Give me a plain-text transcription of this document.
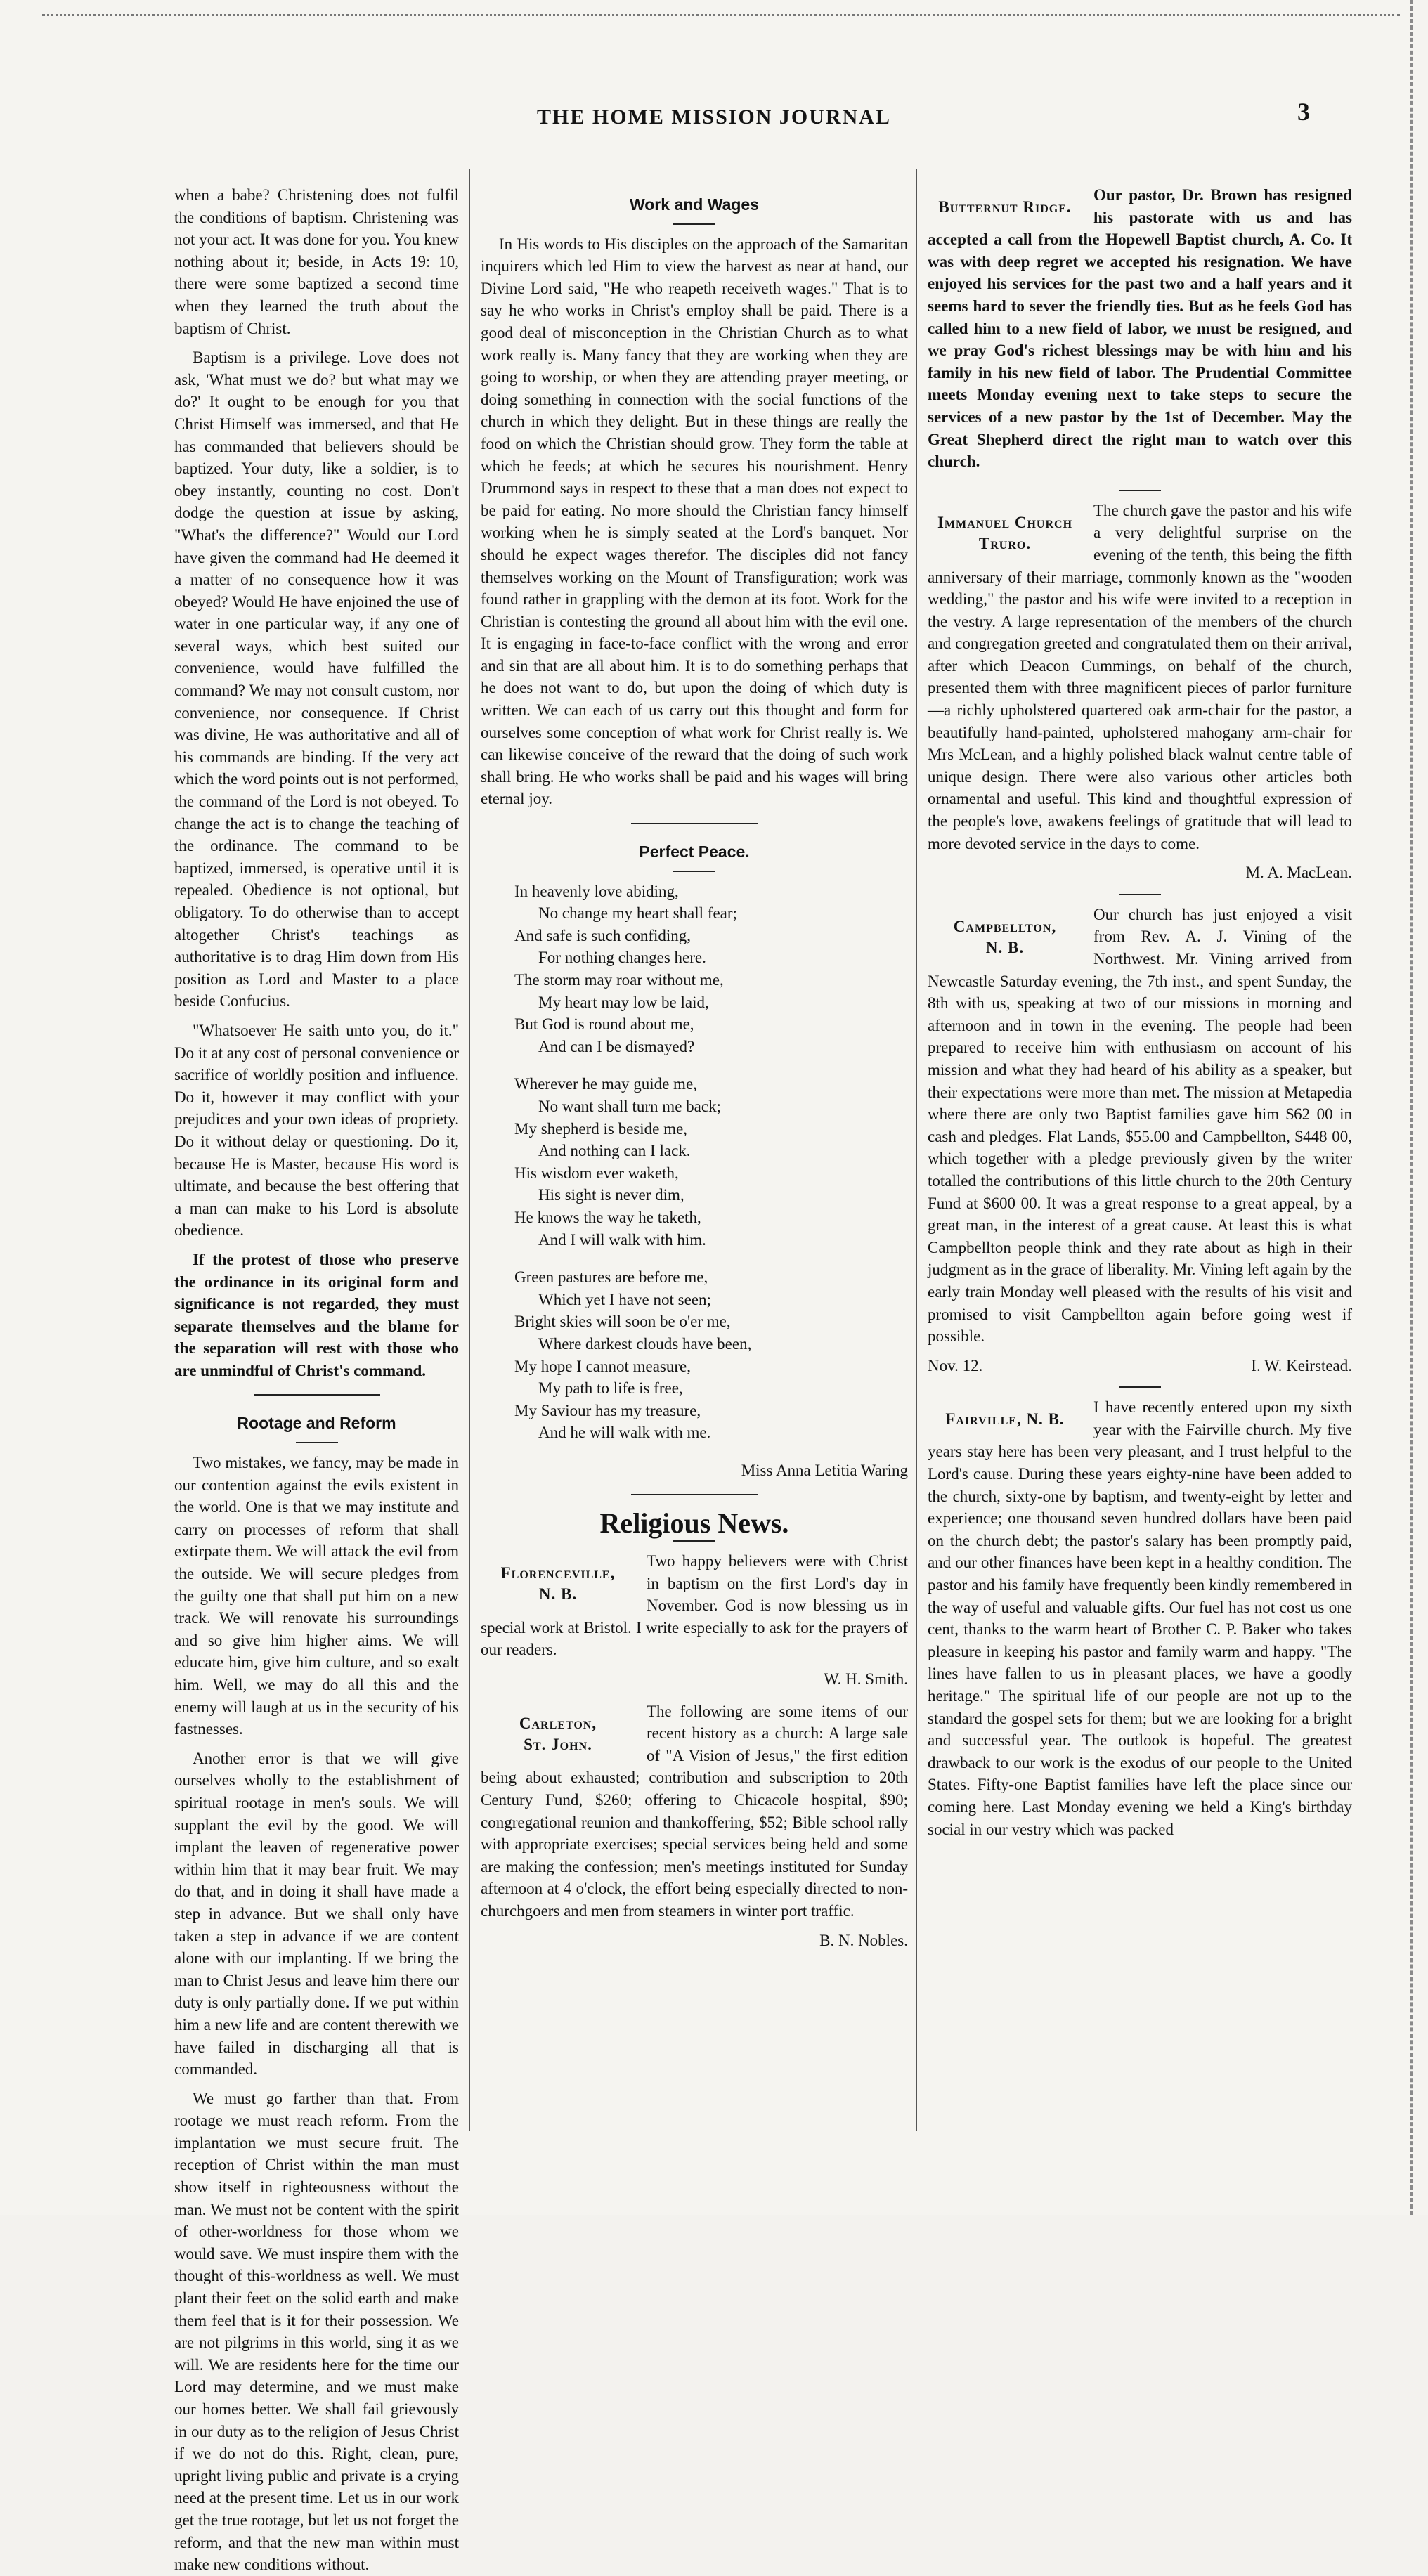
THE HOME MISSION JOURNAL	3

when a babe? Christening does not fulfil the conditions of baptism. Christening was not your act. It was done for you. You knew nothing about it; beside, in Acts 19: 10, there were some baptized a second time when they learned the truth about the baptism of Christ.

Baptism is a privilege. Love does not ask, 'What must we do? but what may we do?' It ought to be enough for you that Christ Himself was immersed, and that He has commanded that believers should be baptized. Your duty, like a soldier, is to obey instantly, counting no cost. Don't dodge the question at issue by asking, "What's the difference?" Would our Lord have given the command had He deemed it a matter of no consequence how it was obeyed? Would He have enjoined the use of water in one particular way, if any one of several ways, which best suited our convenience, would have fulfilled the command? We may not consult custom, nor convenience, nor consequence. If Christ was divine, He was authoritative and all of his commands are binding. If the very act which the word points out is not performed, the command of the Lord is not obeyed. To change the act is to change the teaching of the ordinance. The command to be baptized, immersed, is operative until it is repealed. Obedience is not optional, but obligatory. To do otherwise than to accept altogether Christ's teachings as authoritative is to drag Him down from His position as Lord and Master to a place beside Confucius.

"Whatsoever He saith unto you, do it." Do it at any cost of personal convenience or sacrifice of worldly position and influence. Do it, however it may conflict with your prejudices and your own ideas of propriety. Do it without delay or questioning. Do it, because He is Master, because His word is ultimate, and because the best offering that a man can make to his Lord is absolute obedience.

If the protest of those who preserve the ordinance in its original form and significance is not regarded, they must separate themselves and the blame for the separation will rest with those who are unmindful of Christ's command.

Rootage and Reform

Two mistakes, we fancy, may be made in our contention against the evils existent in the world. One is that we may institute and carry on processes of reform that shall extirpate them. We will attack the evil from the outside. We will secure pledges from the guilty one that shall put him on a new track. We will renovate his surroundings and so give him higher aims. We will educate him, give him culture, and so exalt him. Well, we may do all this and the enemy will laugh at us in the security of his fastnesses.

Another error is that we will give ourselves wholly to the establishment of spiritual rootage in men's souls. We will supplant the evil by the good. We will implant the leaven of regenerative power within him that it may bear fruit. We may do that, and in doing it shall have made a step in advance. But we shall only have taken a step in advance if we are content alone with our implanting. If we bring the man to Christ Jesus and leave him there our duty is only partially done. If we put within him a new life and are content therewith we have failed in discharging all that is commanded.

We must go farther than that. From rootage we must reach reform. From the implantation we must secure fruit. The reception of Christ within the man must show itself in righteousness without the man. We must not be content with the spirit of other-worldness for those whom we would save. We must inspire them with the thought of this-worldness as well. We must plant their feet on the solid earth and make them feel that is it for their possession. We are not pilgrims in this world, sing it as we will. We are residents here for the time our Lord may determine, and we must make our homes better. We shall fail grievously in our duty as to the religion of Jesus Christ if we do not do this. Right, clean, pure, upright living public and private is a crying need at the present time. Let us in our work get the true rootage, but let us not forget the reform, and that the new man within must make new conditions without.

Work and Wages

In His words to His disciples on the approach of the Samaritan inquirers which led Him to view the harvest as near at hand, our Divine Lord said, "He who reapeth receiveth wages." That is to say he who works in Christ's employ shall be paid. There is a good deal of misconception in the Christian Church as to what work really is. Many fancy that they are working when they are going to worship, or when they are attending prayer meeting, or doing something in connection with the social functions of the church in which they delight. But in these things are really the food on which the Christian should grow. They form the table at which he feeds; at which he secures his nourishment. Henry Drummond says in respect to these that a man does not expect to be paid for eating. No more should the Christian fancy himself working when he is simply seated at the Lord's banquet. Nor should he expect wages therefor. The disciples did not fancy themselves working on the Mount of Transfiguration; work was found rather in grappling with the demon at its foot. Work for the Christian is contesting the ground all about him with the evil one. It is engaging in face-to-face conflict with the wrong and error and sin that are all about him. It is to do something perhaps that he does not want to do, but upon the doing of which duty is written. We can each of us carry out this thought and form for ourselves some conception of what work for Christ really is. We can likewise conceive of the reward that the doing of such work shall bring. He who works shall be paid and his wages will bring eternal joy.

Perfect Peace.
In heavenly love abiding,
No change my heart shall fear;
And safe is such confiding,
For nothing changes here.
The storm may roar without me,
My heart may low be laid,
But God is round about me,
And can I be dismayed?
Wherever he may guide me,
No want shall turn me back;
My shepherd is beside me,
And nothing can I lack.
His wisdom ever waketh,
His sight is never dim,
He knows the way he taketh,
And I will walk with him.
Green pastures are before me,
Which yet I have not seen;
Bright skies will soon be o'er me,
Where darkest clouds have been,
My hope I cannot measure,
My path to life is free,
My Saviour has my treasure,
And he will walk with me.
Miss Anna Letitia Waring
Religious News.
Florenceville,
N. B.

Two happy believers were with Christ in baptism on the first Lord's day in November. God is now blessing us in special work at Bristol. I write especially to ask for the prayers of our readers.

W. H. Smith.
Carleton,
St. John.

The following are some items of our recent history as a church: A large sale of "A Vision of Jesus," the first edition being about exhausted; contribution and subscription to 20th Century Fund, $260; offering to Chicacole hospital, $90; congregational reunion and thankoffering, $52; Bible school rally with appropriate exercises; special services being held and some are making the confession; men's meetings instituted for Sunday afternoon at 4 o'clock, the effort being especially directed to non-churchgoers and men from steamers in winter port traffic.

B. N. Nobles.
Butternut Ridge.

Our pastor, Dr. Brown has resigned his pastorate with us and has accepted a call from the Hopewell Baptist church, A. Co. It was with deep regret we accepted his resignation. We have enjoyed his services for the past two and a half years and it seems hard to sever the friendly ties. But as he feels God has called him to a new field of labor, we must be resigned, and we pray God's richest blessings may be with him and his family in his new field of labor. The Prudential Committee meets Monday evening next to take steps to secure the services of a new pastor by the 1st of December. May the Great Shepherd direct the right man to watch over this church.

Immanuel Church
Truro.

The church gave the pastor and his wife a very delightful surprise on the evening of the tenth, this being the fifth anniversary of their marriage, commonly known as the "wooden wedding," the pastor and his wife were invited to a reception in the vestry. A large representation of the members of the church and congregation greeted and congratulated them on their arrival, after which Deacon Cummings, on behalf of the church, presented them with three magnificent pieces of parlor furniture—a richly upholstered quartered oak arm-chair for the pastor, a beautifully hand-painted, upholstered mahogany arm-chair for Mrs McLean, and a highly polished black walnut centre table of unique design. There were also various other articles both ornamental and useful. This kind and thoughtful expression of the people's love, awakens feelings of gratitude that will lead to more devoted service in the days to come.

M. A. MacLean.
Campbellton,
N. B.

Our church has just enjoyed a visit from Rev. A. J. Vining of the Northwest. Mr. Vining arrived from Newcastle Saturday evening, the 7th inst., and spent Sunday, the 8th with us, speaking at two of our missions in morning and afternoon and in town in the evening. The people had been prepared to receive him with enthusiasm on account of his mission and what they had heard of his ability as a speaker, but their expectations were more than met. The mission at Metapedia where there are only two Baptist families gave him $62 00 in cash and pledges. Flat Lands, $55.00 and Campbellton, $448 00, which together with a pledge previously given by the writer totalled the contributions of this little church to the 20th Century Fund at $600 00. It was a great response to a great appeal, by a great man, in the interest of a great cause. At least this is what Campbellton people think and they rate about as high in their judgment as in the grace of liberality. Mr. Vining left again by the early train Monday well pleased with the results of his visit and promised to visit Campbellton again before going west if possible.

Nov. 12.	I. W. Keirstead.
Fairville, N. B.

I have recently entered upon my sixth year with the Fairville church. My five years stay here has been very pleasant, and I trust helpful to the Lord's cause. During these years eighty-nine have been added to the church, sixty-one by baptism, and twenty-eight by letter and experience; one thousand seven hundred dollars have been paid on the church debt; the pastor's salary has been promptly paid, and our other finances have been kept in a healthy condition. The pastor and his family have frequently been kindly remembered in the way of useful and valuable gifts. Our fuel has not cost us one cent, thanks to the warm heart of Brother C. P. Baker who takes pleasure in keeping his pastor and family warm and happy. "The lines have fallen to us in pleasant places, we have a goodly heritage." The spiritual life of our people are not up to the standard the gospel sets for them; but we are looking for a bright and successful year. The outlook is hopeful. The greatest drawback to our work is the exodus of our people to the United States. Fifty-one Baptist families have left the place since our coming here. Last Monday evening we held a King's birthday social in our vestry which was packed
